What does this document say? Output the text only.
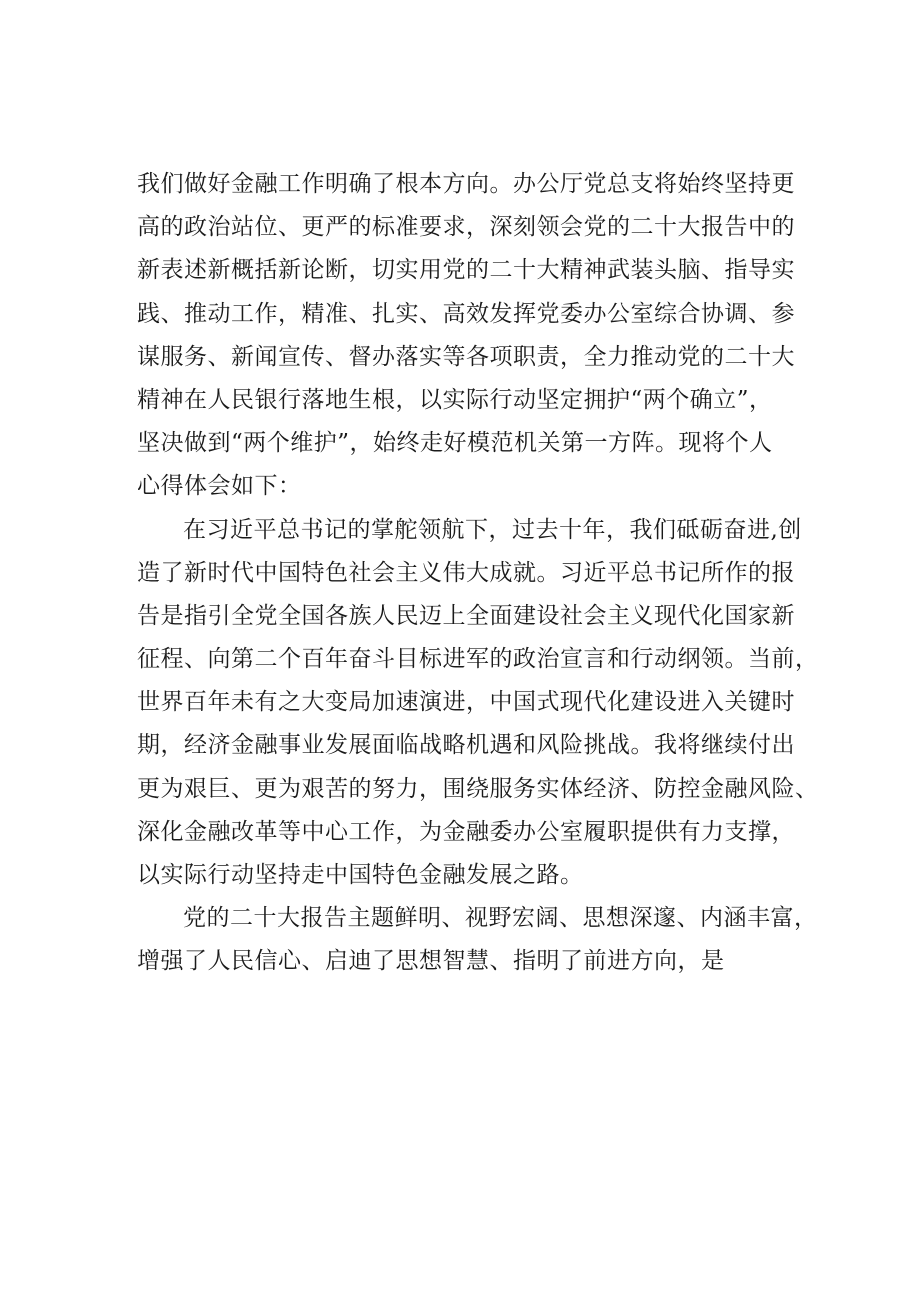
我们做好金融工作明确了根本方向。办公厅党总支将始终坚持更
高的政治站位、更严的标准要求，深刻领会党的二十大报告中的
新表述新概括新论断，切实用党的二十大精神武装头脑、指导实
践、推动工作，精准、扎实、高效发挥党委办公室综合协调、参
谋服务、新闻宣传、督办落实等各项职责，全力推动党的二十大
精神在人民银行落地生根，以实际行动坚定拥护“两个确立”，
坚决做到“两个维护”，始终走好模范机关第一方阵。现将个人
心得体会如下：
在习近平总书记的掌舵领航下，过去十年，我们砥砺奋进,创
造了新时代中国特色社会主义伟大成就。习近平总书记所作的报
告是指引全党全国各族人民迈上全面建设社会主义现代化国家新
征程、向第二个百年奋斗目标进军的政治宣言和行动纲领。当前，
世界百年未有之大变局加速演进，中国式现代化建设进入关键时
期，经济金融事业发展面临战略机遇和风险挑战。我将继续付出
更为艰巨、更为艰苦的努力，围绕服务实体经济、防控金融风险、
深化金融改革等中心工作，为金融委办公室履职提供有力支撑，
以实际行动坚持走中国特色金融发展之路。
党的二十大报告主题鲜明、视野宏阔、思想深邃、内涵丰富，
增强了人民信心、启迪了思想智慧、指明了前进方向，是
